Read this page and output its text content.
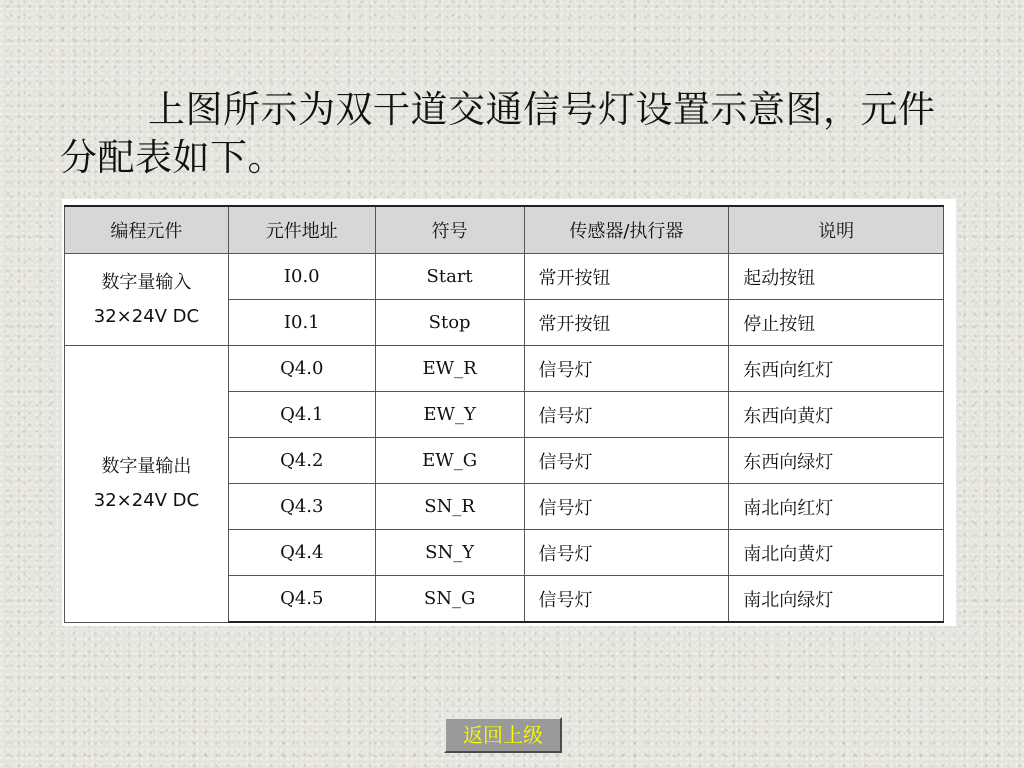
上图所示为双干道交通信号灯设置示意图，元件分配表如下。

编程元件	元件地址	符号	传感器/执行器	说明
数字量输入
32×24V DC	I0.0	Start	常开按钮	起动按钮
	I0.1	Stop	常开按钮	停止按钮
数字量输出
32×24V DC	Q4.0	EW_R	信号灯	东西向红灯
	Q4.1	EW_Y	信号灯	东西向黄灯
	Q4.2	EW_G	信号灯	东西向绿灯
	Q4.3	SN_R	信号灯	南北向红灯
	Q4.4	SN_Y	信号灯	南北向黄灯
	Q4.5	SN_G	信号灯	南北向绿灯
返回上级
